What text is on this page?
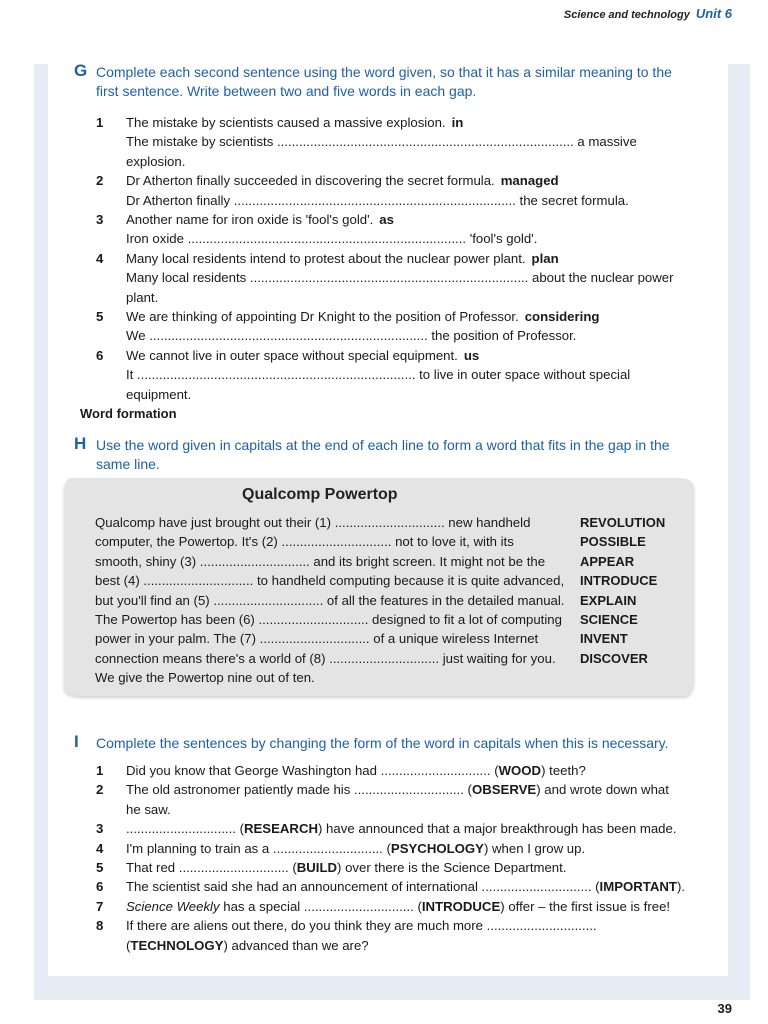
Science and technology Unit 6
G Complete each second sentence using the word given, so that it has a similar meaning to the
first sentence. Write between two and five words in each gap.
1 The mistake by scientists caused a massive explosion. in
The mistake by scientists ................................................................................. a massive explosion.
2 Dr Atherton finally succeeded in discovering the secret formula. managed
Dr Atherton finally ............................................................................. the secret formula.
3 Another name for iron oxide is 'fool's gold'. as
Iron oxide ............................................................................ 'fool's gold'.
4 Many local residents intend to protest about the nuclear power plant. plan
Many local residents ............................................................................ about the nuclear power
plant.
5 We are thinking of appointing Dr Knight to the position of Professor. considering
We ............................................................................ the position of Professor.
6 We cannot live in outer space without special equipment. us
It ............................................................................ to live in outer space without special
equipment.
Word formation
H Use the word given in capitals at the end of each line to form a word that fits in the gap in the
same line.
Qualcomp Powertop
Qualcomp have just brought out their (1) .............................. new handheld
computer, the Powertop. It's (2) .............................. not to love it, with its
smooth, shiny (3) .............................. and its bright screen. It might not be the
best (4) .............................. to handheld computing because it is quite advanced,
but you'll find an (5) .............................. of all the features in the detailed manual.
The Powertop has been (6) .............................. designed to fit a lot of computing
power in your palm. The (7) .............................. of a unique wireless Internet
connection means there's a world of (8) .............................. just waiting for you.
We give the Powertop nine out of ten.
REVOLUTION
POSSIBLE
APPEAR
INTRODUCE
EXPLAIN
SCIENCE
INVENT
DISCOVER
I Complete the sentences by changing the form of the word in capitals when this is necessary.
1 Did you know that George Washington had .............................. (WOOD) teeth?
2 The old astronomer patiently made his .............................. (OBSERVE) and wrote down what
he saw.
3 .............................. (RESEARCH) have announced that a major breakthrough has been made.
4 I'm planning to train as a .............................. (PSYCHOLOGY) when I grow up.
5 That red .............................. (BUILD) over there is the Science Department.
6 The scientist said she had an announcement of international .............................. (IMPORTANT).
7 Science Weekly has a special .............................. (INTRODUCE) offer – the first issue is free!
8 If there are aliens out there, do you think they are much more ..............................
(TECHNOLOGY) advanced than we are?
39
